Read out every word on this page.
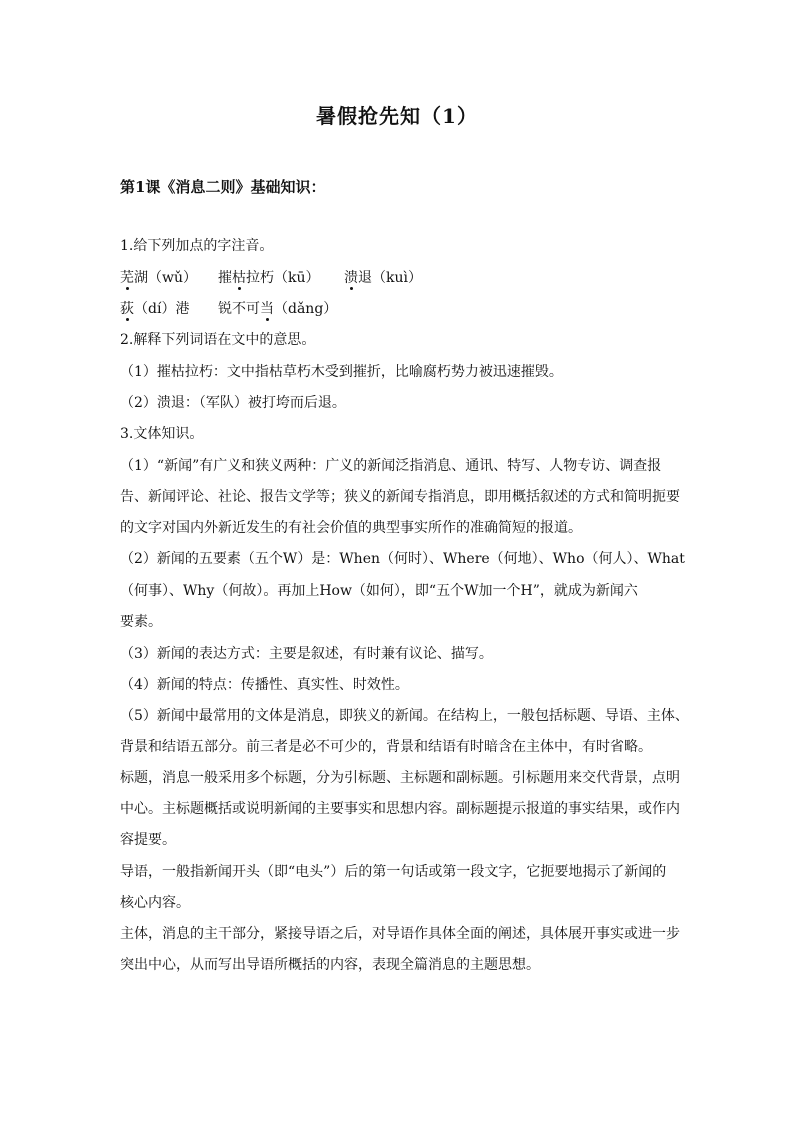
暑假抢先知（1）
第1课《消息二则》基础知识：
1.给下列加点的字注音。
芜湖（wǔ） 摧枯拉朽（kū） 溃退（kuì）
荻（dí）港 锐不可当（dǎng）
2.解释下列词语在文中的意思。
（1）摧枯拉朽：文中指枯草朽木受到摧折，比喻腐朽势力被迅速摧毁。
（2）溃退：（军队）被打垮而后退。
3.文体知识。
（1）“新闻”有广义和狭义两种：广义的新闻泛指消息、通讯、特写、人物专访、调查报
告、新闻评论、社论、报告文学等；狭义的新闻专指消息，即用概括叙述的方式和简明扼要
的文字对国内外新近发生的有社会价值的典型事实所作的准确简短的报道。
（2）新闻的五要素（五个W）是：When（何时）、Where（何地）、Who（何人）、What
（何事）、Why（何故）。再加上How（如何），即“五个W加一个H”，就成为新闻六
要素。
（3）新闻的表达方式：主要是叙述，有时兼有议论、描写。
（4）新闻的特点：传播性、真实性、时效性。
（5）新闻中最常用的文体是消息，即狭义的新闻。在结构上，一般包括标题、导语、主体、
背景和结语五部分。前三者是必不可少的，背景和结语有时暗含在主体中，有时省略。
标题，消息一般采用多个标题，分为引标题、主标题和副标题。引标题用来交代背景，点明
中心。主标题概括或说明新闻的主要事实和思想内容。副标题提示报道的事实结果，或作内
容提要。
导语，一般指新闻开头（即“电头”）后的第一句话或第一段文字，它扼要地揭示了新闻的
核心内容。
主体，消息的主干部分，紧接导语之后，对导语作具体全面的阐述，具体展开事实或进一步
突出中心，从而写出导语所概括的内容，表现全篇消息的主题思想。
